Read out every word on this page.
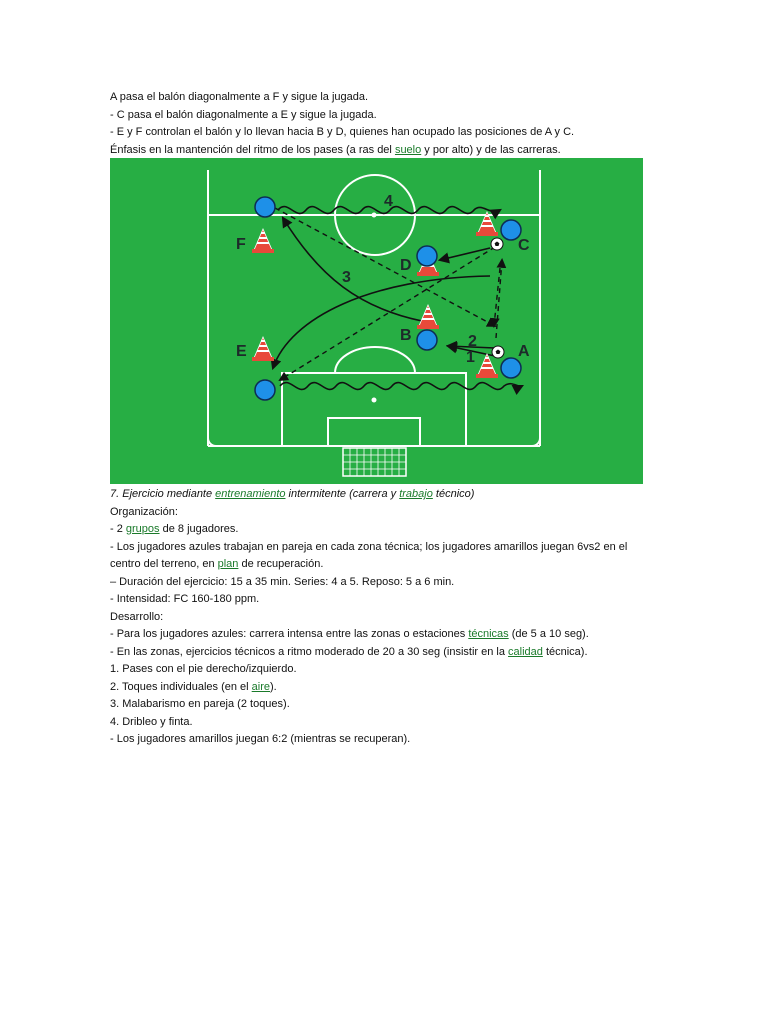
A pasa el balón diagonalmente a F y sigue la jugada.

- C pasa el balón diagonalmente a E y sigue la jugada.

- E y F controlan el balón y lo llevan hacia B y D, quienes han ocupado las posiciones de A y C.

Énfasis en la mantención del ritmo de los pases (a ras del suelo y por alto) y de las carreras.

F	C
D
B
A
E
4
3
2
1

7. Ejercicio mediante entrenamiento intermitente (carrera y trabajo técnico)

Organización:

- 2 grupos de 8 jugadores.

- Los jugadores azules trabajan en pareja en cada zona técnica; los jugadores amarillos juegan 6vs2 en el centro del terreno, en plan de recuperación.

– Duración del ejercicio: 15 a 35 min. Series: 4 a 5. Reposo: 5 a 6 min.

- Intensidad: FC 160-180 ppm.

Desarrollo:

- Para los jugadores azules: carrera intensa entre las zonas o estaciones técnicas (de 5 a 10 seg).

- En las zonas, ejercicios técnicos a ritmo moderado de 20 a 30 seg (insistir en la calidad técnica).

1. Pases con el pie derecho/izquierdo.

2. Toques individuales (en el aire).

3. Malabarismo en pareja (2 toques).

4. Dribleo y finta.

- Los jugadores amarillos juegan 6:2 (mientras se recuperan).
